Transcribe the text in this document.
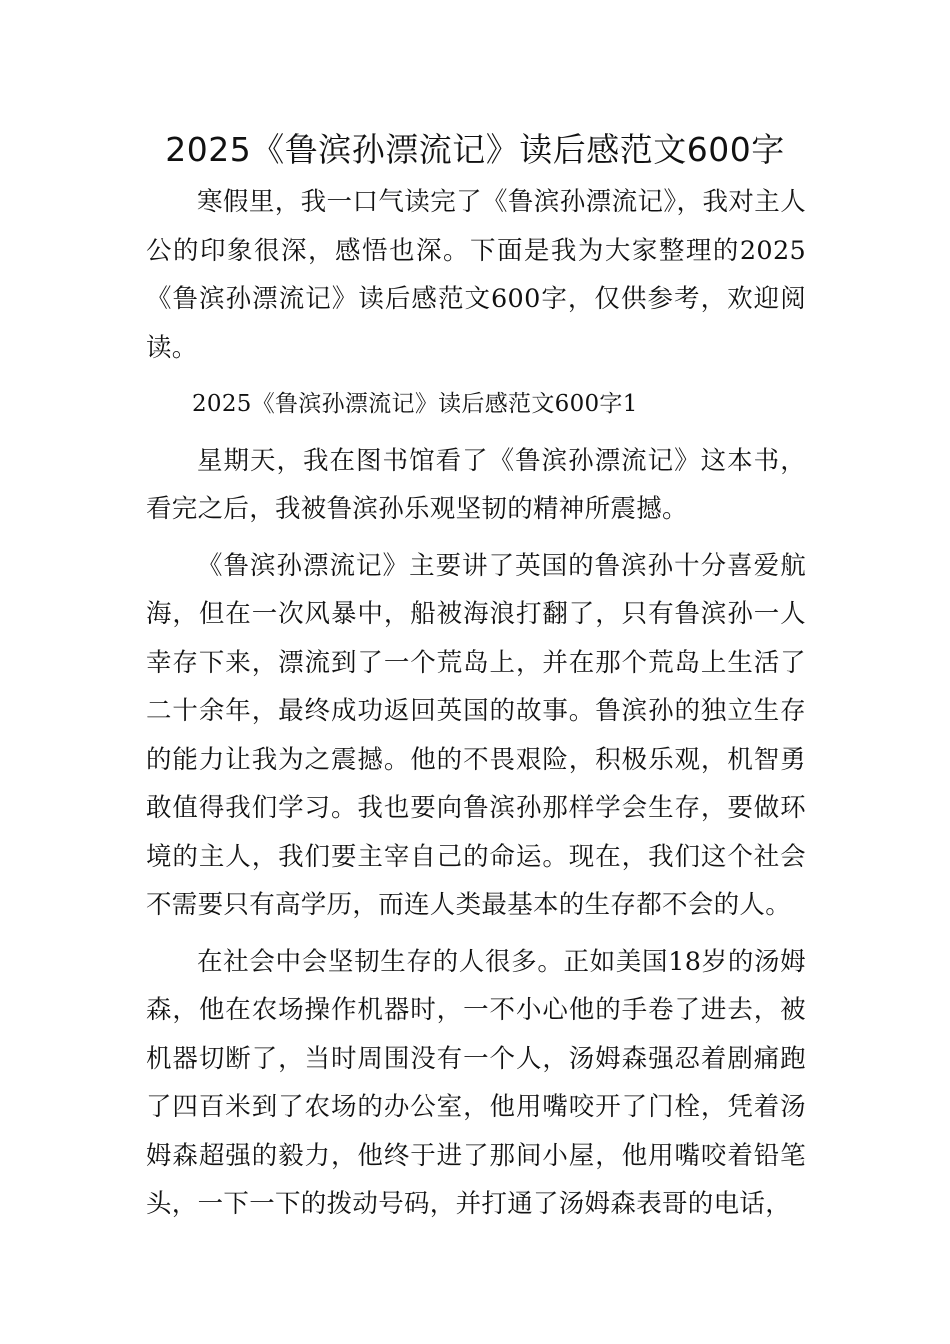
2025《鲁滨孙漂流记》读后感范文600字

寒假里，我一口气读完了《鲁滨孙漂流记》，我对主人公的印象很深，感悟也深。下面是我为大家整理的2025《鲁滨孙漂流记》读后感范文600字，仅供参考，欢迎阅读。

2025《鲁滨孙漂流记》读后感范文600字1

星期天，我在图书馆看了《鲁滨孙漂流记》这本书，看完之后，我被鲁滨孙乐观坚韧的精神所震撼。

《鲁滨孙漂流记》主要讲了英国的鲁滨孙十分喜爱航海，但在一次风暴中，船被海浪打翻了，只有鲁滨孙一人幸存下来，漂流到了一个荒岛上，并在那个荒岛上生活了二十余年，最终成功返回英国的故事。鲁滨孙的独立生存的能力让我为之震撼。他的不畏艰险，积极乐观，机智勇敢值得我们学习。我也要向鲁滨孙那样学会生存，要做环境的主人，我们要主宰自己的命运。现在，我们这个社会不需要只有高学历，而连人类最基本的生存都不会的人。

在社会中会坚韧生存的人很多。正如美国18岁的汤姆森，他在农场操作机器时，一不小心他的手卷了进去，被机器切断了，当时周围没有一个人，汤姆森强忍着剧痛跑了四百米到了农场的办公室，他用嘴咬开了门栓，凭着汤姆森超强的毅力，他终于进了那间小屋，他用嘴咬着铅笔头，一下一下的拨动号码，并打通了汤姆森表哥的电话，
